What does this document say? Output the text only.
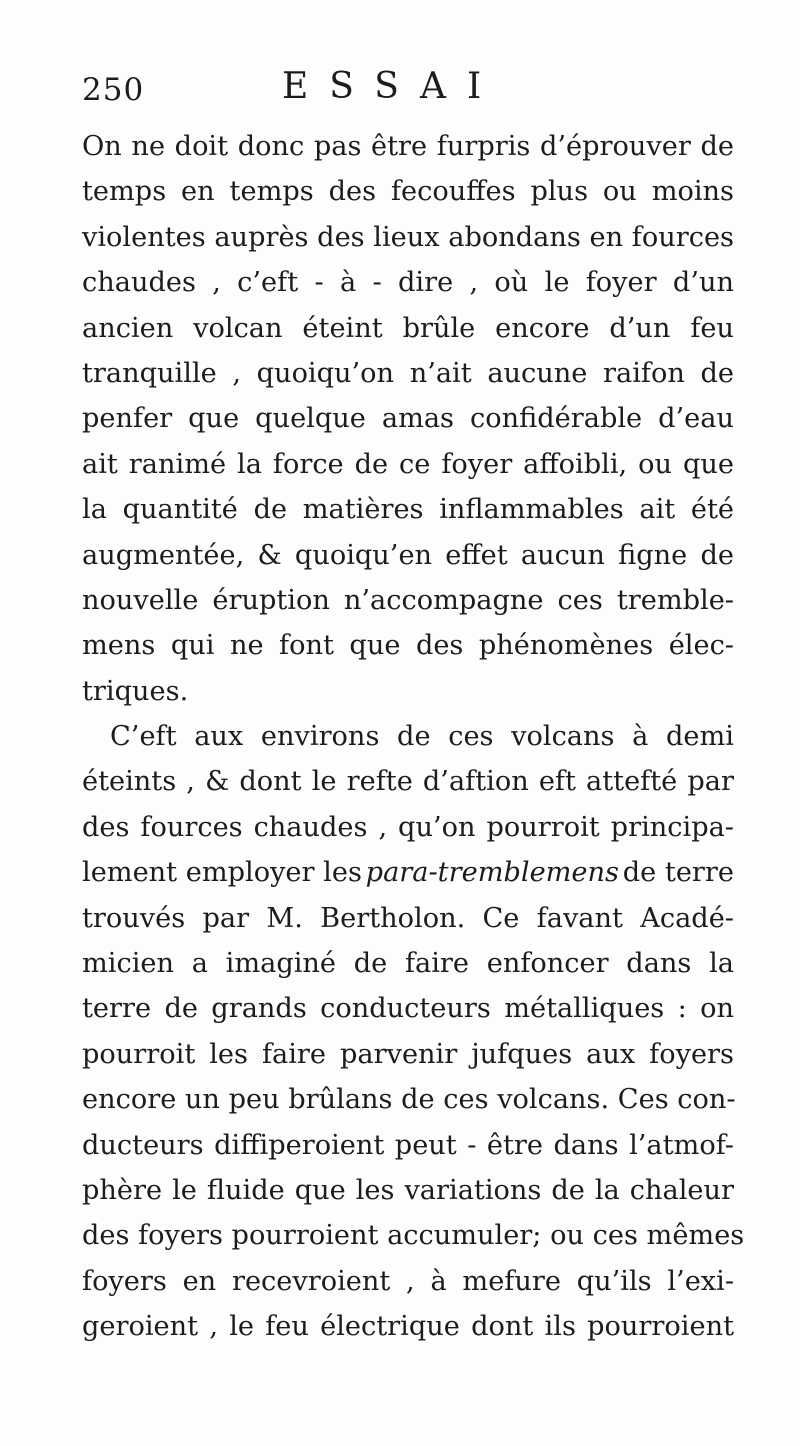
250	ESSAI
On ne doit donc pas être furpris d’éprouver de
temps en temps des fecouffes plus ou moins
violentes auprès des lieux abondans en fources
chaudes , c’eft - à - dire , où le foyer d’un
ancien volcan éteint brûle encore d’un feu
tranquille , quoiqu’on n’ait aucune raifon de
penfer que quelque amas confidérable d’eau
ait ranimé la force de ce foyer affoibli, ou que
la quantité de matières inflammables ait été
augmentée, & quoiqu’en effet aucun figne de
nouvelle éruption n’accompagne ces tremble-
mens qui ne font que des phénomènes élec-
triques.
C’eft aux environs de ces volcans à demi
éteints , & dont le refte d’aftion eft attefté par
des fources chaudes , qu’on pourroit principa-
lement employer les para-tremblemens de terre
trouvés par M. Bertholon. Ce favant Acadé-
micien a imaginé de faire enfoncer dans la
terre de grands conducteurs métalliques : on
pourroit les faire parvenir jufques aux foyers
encore un peu brûlans de ces volcans. Ces con-
ducteurs diffiperoient peut - être dans l’atmof-
phère le fluide que les variations de la chaleur
des foyers pourroient accumuler; ou ces mêmes
foyers en recevroient , à mefure qu’ils l’exi-
geroient , le feu électrique dont ils pourroient
